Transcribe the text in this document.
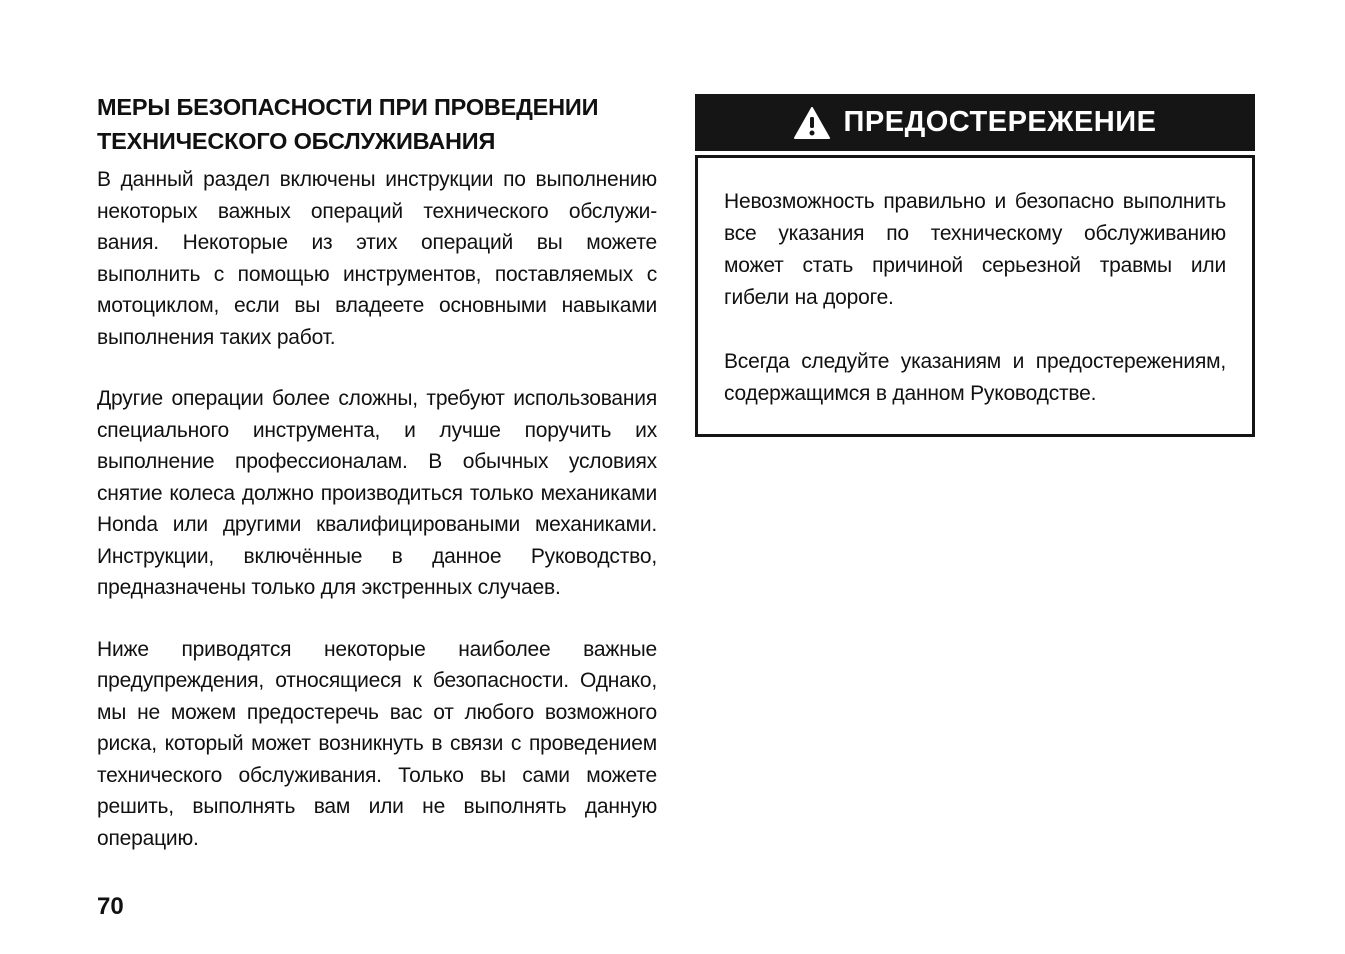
МЕРЫ БЕЗОПАСНОСТИ ПРИ ПРОВЕДЕНИИ ТЕХНИЧЕСКОГО ОБСЛУЖИВАНИЯ

В данный раздел включены инструкции по выполнению некоторых важных операций технического обслужи-вания. Некоторые из этих операций вы можете выполнить с помощью инструментов, поставляемых с мотоциклом, если вы владеете основными навыками выполнения таких работ.

Другие операции более сложны, требуют использования специального инструмента, и лучше поручить их выполнение профессионалам. В обычных условиях снятие колеса должно производиться только механиками Honda или другими квалифицироваными механиками. Инструкции, включённые в данное Руководство, предназначены только для экстренных случаев.

Ниже приводятся некоторые наиболее важные предупреждения, относящиеся к безопасности. Однако, мы не можем предостеречь вас от любого возможного риска, который может возникнуть в связи с проведением технического обслуживания. Только вы сами можете решить, выполнять вам или не выполнять данную операцию.

ПРЕДОСТЕРЕЖЕНИЕ

Невозможность правильно и безопасно выполнить все указания по техническому обслуживанию может стать причиной серьезной травмы или гибели на дороге.

Всегда следуйте указаниям и предостережениям, содержащимся в данном Руководстве.

70
